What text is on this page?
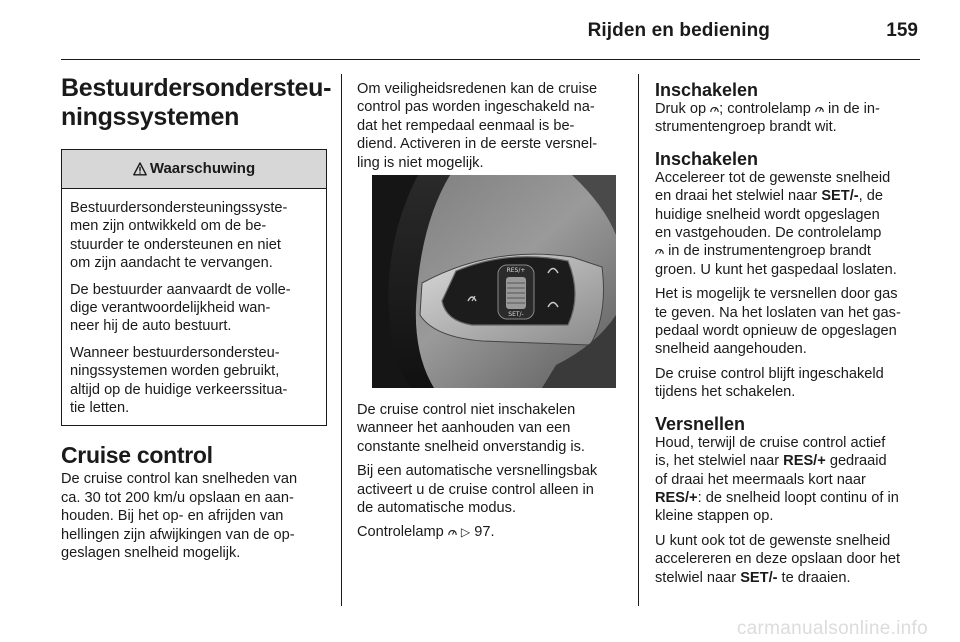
Rijden en bediening	159
Bestuurdersondersteu-
ningssystemen
Waarschuwing

Bestuurdersondersteuningssyste-
men zijn ontwikkeld om de be-
stuurder te ondersteunen en niet
om zijn aandacht te vervangen.

De bestuurder aanvaardt de volle-
dige verantwoordelijkheid wan-
neer hij de auto bestuurt.

Wanneer bestuurdersondersteu-
ningssystemen worden gebruikt,
altijd op de huidige verkeerssitua-
tie letten.

Cruise control

De cruise control kan snelheden van
ca. 30 tot 200 km/u opslaan en aan-
houden. Bij het op- en afrijden van
hellingen zijn afwijkingen van de op-
geslagen snelheid mogelijk.

Om veiligheidsredenen kan de cruise
control pas worden ingeschakeld na-
dat het rempedaal eenmaal is be-
diend. Activeren in de eerste versnel-
ling is niet mogelijk.

RES/+
SET/-

De cruise control niet inschakelen
wanneer het aanhouden van een
constante snelheid onverstandig is.

Bij een automatische versnellingsbak
activeert u de cruise control alleen in
de automatische modus.

Controlelamp ▷ 97.

Inschakelen

Druk op ; controlelamp in de in-
strumentengroep brandt wit.

Inschakelen

Accelereer tot de gewenste snelheid
en draai het stelwiel naar SET/-, de
huidige snelheid wordt opgeslagen
en vastgehouden. De controlelamp
in de instrumentengroep brandt
groen. U kunt het gaspedaal loslaten.

Het is mogelijk te versnellen door gas
te geven. Na het loslaten van het gas-
pedaal wordt opnieuw de opgeslagen
snelheid aangehouden.

De cruise control blijft ingeschakeld
tijdens het schakelen.

Versnellen

Houd, terwijl de cruise control actief
is, het stelwiel naar RES/+ gedraaid
of draai het meermaals kort naar
RES/+: de snelheid loopt continu of in
kleine stappen op.

U kunt ook tot de gewenste snelheid
accelereren en deze opslaan door het
stelwiel naar SET/- te draaien.

carmanualsonline.info
